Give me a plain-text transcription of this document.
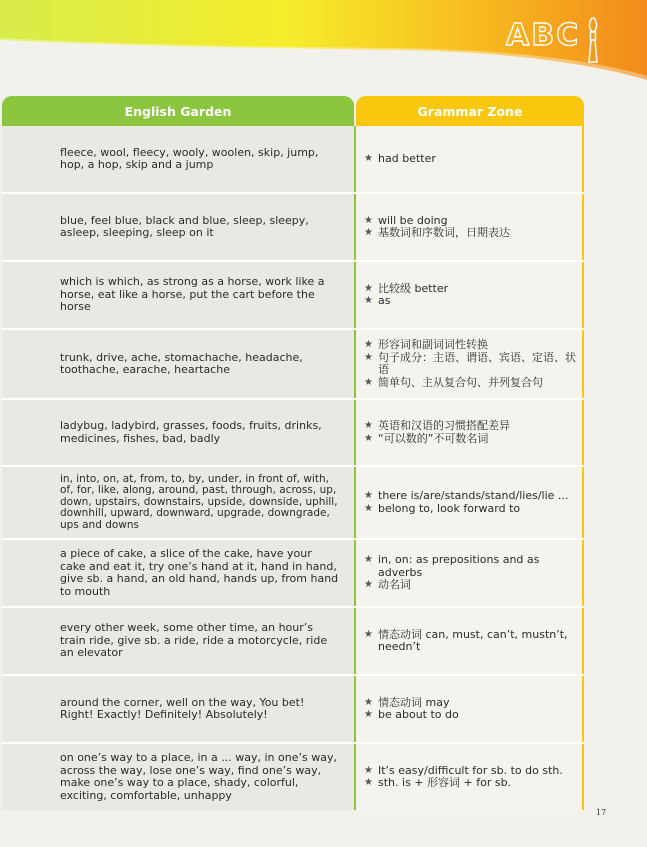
ABC
English Garden	Grammar Zone
fleece, wool, fleecy, wooly, woolen, skip, jump, hop, a hop, skip and a jump	★ had better
blue, feel blue, black and blue, sleep, sleepy, asleep, sleeping, sleep on it
★ will be doing
★ 基数词和序数词，日期表达
which is which, as strong as a horse, work like a horse, eat like a horse, put the cart before the horse
★ 比较级 better
★ as
trunk, drive, ache, stomachache, headache, toothache, earache, heartache
★ 形容词和副词词性转换
★ 句子成分：主语、谓语、宾语、定语、状语
★ 简单句、主从复合句、并列复合句
ladybug, ladybird, grasses, foods, fruits, drinks, medicines, fishes, bad, badly
★ 英语和汉语的习惯搭配差异
★ “可以数的”不可数名词
in, into, on, at, from, to, by, under, in front of, with, of, for, like, along, around, past, through, across, up, down, upstairs, downstairs, upside, downside, uphill, downhill, upward, downward, upgrade, downgrade, ups and downs
★ there is/are/stands/stand/lies/lie ...
★ belong to, look forward to
a piece of cake, a slice of the cake, have your cake and eat it, try one’s hand at it, hand in hand, give sb. a hand, an old hand, hands up, from hand to mouth
★ in, on: as prepositions and as adverbs
★ 动名词
every other week, some other time, an hour’s train ride, give sb. a ride, ride a motorcycle, ride an elevator
★ 情态动词 can, must, can’t, mustn’t, needn’t
around the corner, well on the way, You bet! Right! Exactly! Definitely! Absolutely!
★ 情态动词 may
★ be about to do
on one’s way to a place, in a ... way, in one’s way, across the way, lose one’s way, find one’s way, make one’s way to a place, shady, colorful, exciting, comfortable, unhappy
★ It’s easy/difficult for sb. to do sth.
★ sth. is + 形容词 + for sb.
17
